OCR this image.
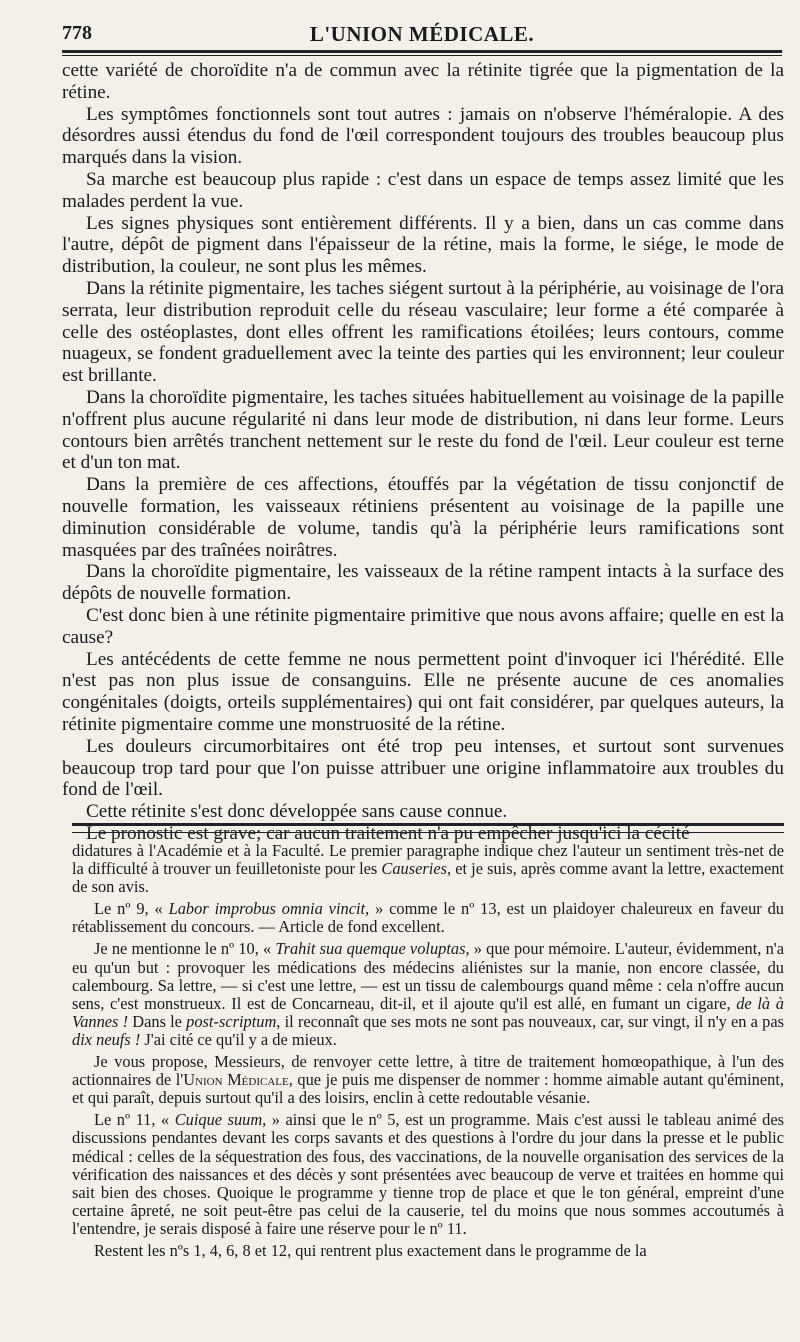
778	L'UNION MÉDICALE.

cette variété de choroïdite n'a de commun avec la rétinite tigrée que la pigmentation de la rétine.

Les symptômes fonctionnels sont tout autres : jamais on n'observe l'héméralopie. A des désordres aussi étendus du fond de l'œil correspondent toujours des troubles beaucoup plus marqués dans la vision.

Sa marche est beaucoup plus rapide : c'est dans un espace de temps assez limité que les malades perdent la vue.

Les signes physiques sont entièrement différents. Il y a bien, dans un cas comme dans l'autre, dépôt de pigment dans l'épaisseur de la rétine, mais la forme, le siége, le mode de distribution, la couleur, ne sont plus les mêmes.

Dans la rétinite pigmentaire, les taches siégent surtout à la périphérie, au voisinage de l'ora serrata, leur distribution reproduit celle du réseau vasculaire; leur forme a été comparée à celle des ostéoplastes, dont elles offrent les ramifications étoilées; leurs contours, comme nuageux, se fondent graduellement avec la teinte des parties qui les environnent; leur couleur est brillante.

Dans la choroïdite pigmentaire, les taches situées habituellement au voisinage de la papille n'offrent plus aucune régularité ni dans leur mode de distribution, ni dans leur forme. Leurs contours bien arrêtés tranchent nettement sur le reste du fond de l'œil. Leur couleur est terne et d'un ton mat.

Dans la première de ces affections, étouffés par la végétation de tissu conjonctif de nouvelle formation, les vaisseaux rétiniens présentent au voisinage de la papille une diminution considérable de volume, tandis qu'à la périphérie leurs ramifications sont masquées par des traînées noirâtres.

Dans la choroïdite pigmentaire, les vaisseaux de la rétine rampent intacts à la surface des dépôts de nouvelle formation.

C'est donc bien à une rétinite pigmentaire primitive que nous avons affaire; quelle en est la cause?

Les antécédents de cette femme ne nous permettent point d'invoquer ici l'hérédité. Elle n'est pas non plus issue de consanguins. Elle ne présente aucune de ces anomalies congénitales (doigts, orteils supplémentaires) qui ont fait considérer, par quelques auteurs, la rétinite pigmentaire comme une monstruosité de la rétine.

Les douleurs circumorbitaires ont été trop peu intenses, et surtout sont survenues beaucoup trop tard pour que l'on puisse attribuer une origine inflammatoire aux troubles du fond de l'œil.

Cette rétinite s'est donc développée sans cause connue.

Le pronostic est grave; car aucun traitement n'a pu empêcher jusqu'ici la cécité

didatures à l'Académie et à la Faculté. Le premier paragraphe indique chez l'auteur un sentiment très-net de la difficulté à trouver un feuilletoniste pour les Causeries, et je suis, après comme avant la lettre, exactement de son avis.

Le nº 9, « Labor improbus omnia vincit, » comme le nº 13, est un plaidoyer chaleureux en faveur du rétablissement du concours. — Article de fond excellent.

Je ne mentionne le nº 10, « Trahit sua quemque voluptas, » que pour mémoire. L'auteur, évidemment, n'a eu qu'un but : provoquer les médications des médecins aliénistes sur la manie, non encore classée, du calembourg. Sa lettre, — si c'est une lettre, — est un tissu de calembourgs quand même : cela n'offre aucun sens, c'est monstrueux. Il est de Concarneau, dit-il, et il ajoute qu'il est allé, en fumant un cigare, de là à Vannes ! Dans le post-scriptum, il reconnaît que ses mots ne sont pas nouveaux, car, sur vingt, il n'y en a pas dix neufs ! J'ai cité ce qu'il y a de mieux.

Je vous propose, Messieurs, de renvoyer cette lettre, à titre de traitement homœopathique, à l'un des actionnaires de l'Union Médicale, que je puis me dispenser de nommer : homme aimable autant qu'éminent, et qui paraît, depuis surtout qu'il a des loisirs, enclin à cette redoutable vésanie.

Le nº 11, « Cuique suum, » ainsi que le nº 5, est un programme. Mais c'est aussi le tableau animé des discussions pendantes devant les corps savants et des questions à l'ordre du jour dans la presse et le public médical : celles de la séquestration des fous, des vaccinations, de la nouvelle organisation des services de la vérification des naissances et des décès y sont présentées avec beaucoup de verve et traitées en homme qui sait bien des choses. Quoique le programme y tienne trop de place et que le ton général, empreint d'une certaine âpreté, ne soit peut-être pas celui de la causerie, tel du moins que nous sommes accoutumés à l'entendre, je serais disposé à faire une réserve pour le nº 11.

Restent les nºs 1, 4, 6, 8 et 12, qui rentrent plus exactement dans le programme de la
